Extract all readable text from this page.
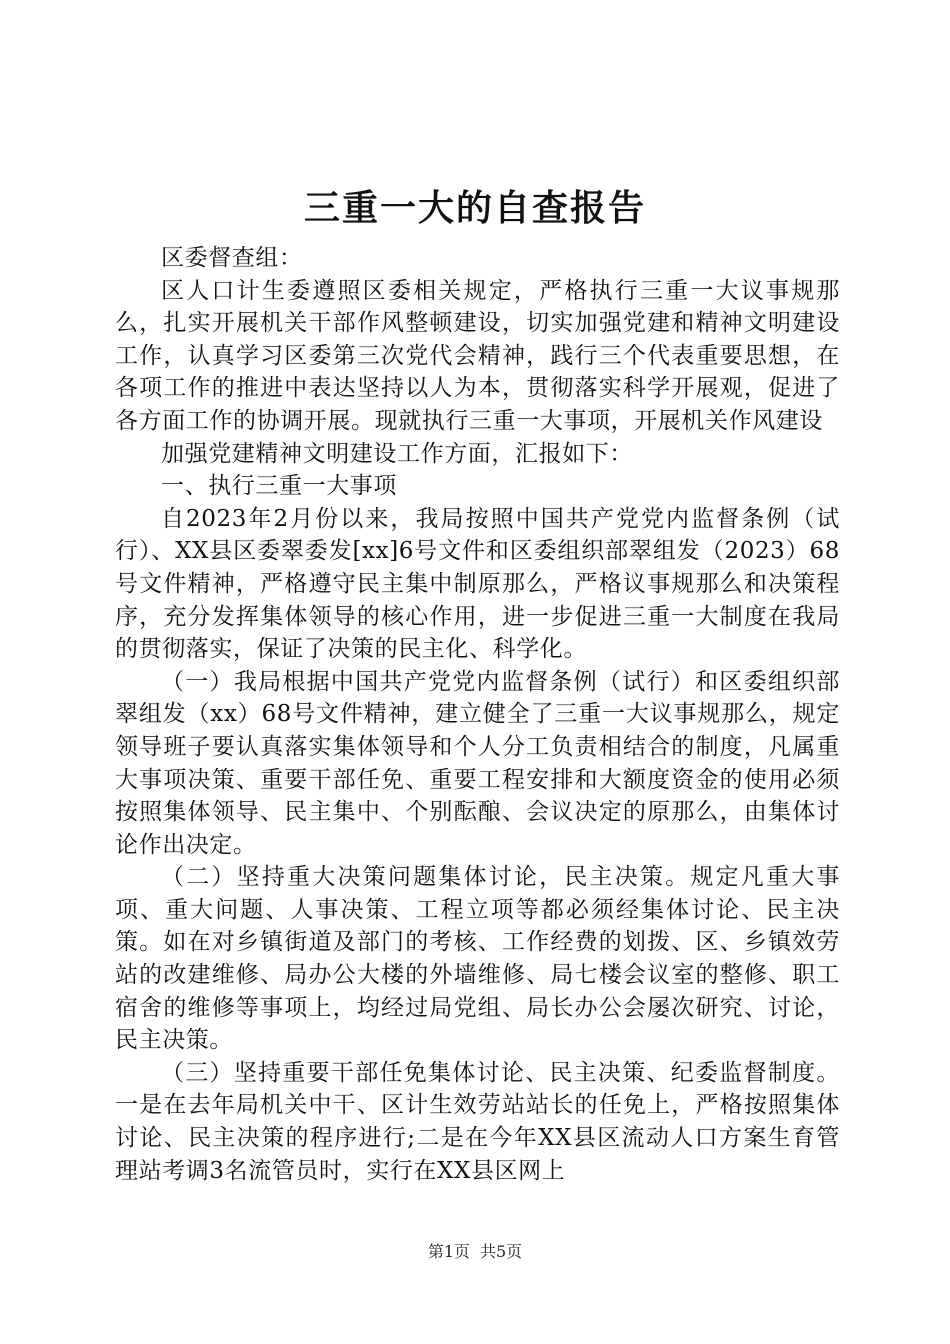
三重一大的自查报告

区委督查组：

区人口计生委遵照区委相关规定，严格执行三重一大议事规那么，扎实开展机关干部作风整顿建设，切实加强党建和精神文明建设工作，认真学习区委第三次党代会精神，践行三个代表重要思想，在各项工作的推进中表达坚持以人为本，贯彻落实科学开展观，促进了各方面工作的协调开展。现就执行三重一大事项，开展机关作风建设

加强党建精神文明建设工作方面，汇报如下：

一、执行三重一大事项

自2023年2月份以来，我局按照中国共产党党内监督条例（试行）、XX县区委翠委发[xx]6号文件和区委组织部翠组发（2023）68号文件精神，严格遵守民主集中制原那么，严格议事规那么和决策程序，充分发挥集体领导的核心作用，进一步促进三重一大制度在我局的贯彻落实，保证了决策的民主化、科学化。

（一）我局根据中国共产党党内监督条例（试行）和区委组织部翠组发（xx）68号文件精神，建立健全了三重一大议事规那么，规定领导班子要认真落实集体领导和个人分工负责相结合的制度，凡属重大事项决策、重要干部任免、重要工程安排和大额度资金的使用必须按照集体领导、民主集中、个别酝酿、会议决定的原那么，由集体讨论作出决定。

（二）坚持重大决策问题集体讨论，民主决策。规定凡重大事项、重大问题、人事决策、工程立项等都必须经集体讨论、民主决策。如在对乡镇街道及部门的考核、工作经费的划拨、区、乡镇效劳站的改建维修、局办公大楼的外墙维修、局七楼会议室的整修、职工宿舍的维修等事项上，均经过局党组、局长办公会屡次研究、讨论，民主决策。

（三）坚持重要干部任免集体讨论、民主决策、纪委监督制度。一是在去年局机关中干、区计生效劳站站长的任免上，严格按照集体讨论、民主决策的程序进行;二是在今年XX县区流动人口方案生育管理站考调3名流管员时，实行在XX县区网上

第1页 共5页
